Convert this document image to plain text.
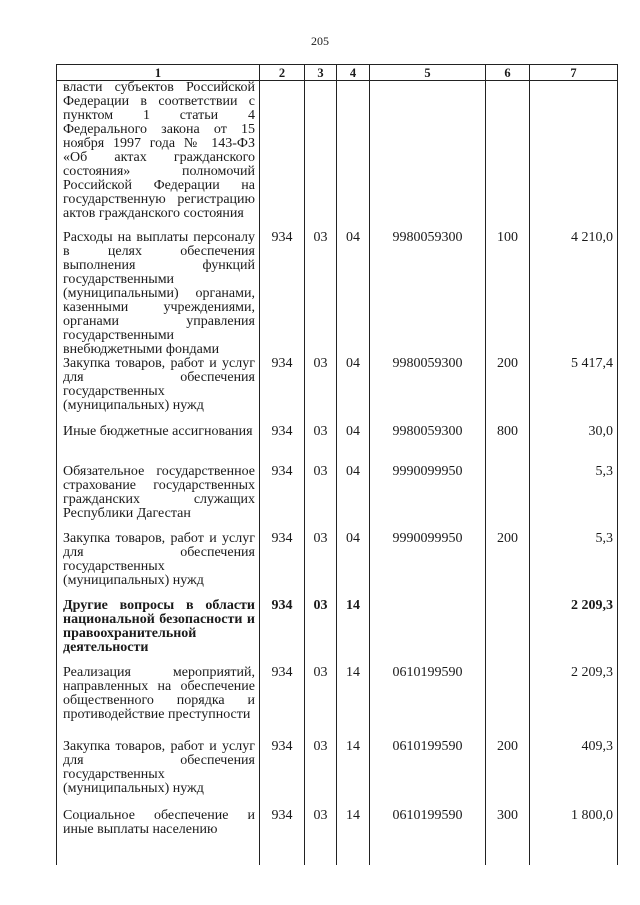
205
1	2	3	4	5	6	7
власти субъектов Российской Федерации в соответствии с пунктом 1 статьи 4 Федерального закона от 15 ноября 1997 года № 143-ФЗ «Об актах гражданского состояния» полномочий Российской Федерации на государственную регистрацию актов гражданского состояния						
Расходы на выплаты персоналу в целях обеспечения выполнения функций государственными (муниципальными) органами, казенными учреждениями, органами управления государственными внебюджетными фондами	934	03	04	9980059300	100	4 210,0
Закупка товаров, работ и услуг для обеспечения государственных (муниципальных) нужд	934	03	04	9980059300	200	5 417,4
Иные бюджетные ассигнования	934	03	04	9980059300	800	30,0
Обязательное государственное страхование государственных гражданских служащих Республики Дагестан	934	03	04	9990099950		5,3
Закупка товаров, работ и услуг для обеспечения государственных (муниципальных) нужд	934	03	04	9990099950	200	5,3
Другие вопросы в области национальной безопасности и правоохранительной деятельности	934	03	14			2 209,3
Реализация мероприятий, направленных на обеспечение общественного порядка и противодействие преступности	934	03	14	0610199590		2 209,3
Закупка товаров, работ и услуг для обеспечения государственных (муниципальных) нужд	934	03	14	0610199590	200	409,3
Социальное обеспечение и иные выплаты населению	934	03	14	0610199590	300	1 800,0
